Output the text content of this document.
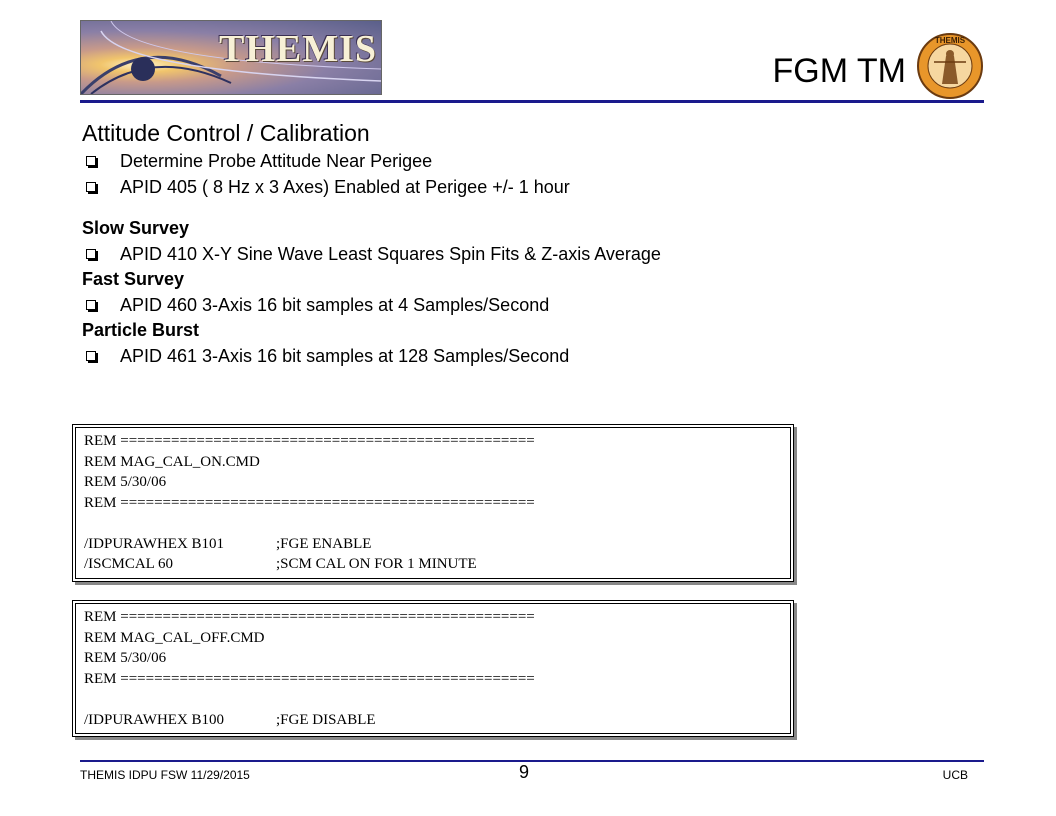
THEMIS
FGM TM
THEMIS
Attitude Control / Calibration
Determine Probe Attitude Near Perigee
APID 405 ( 8 Hz x 3 Axes) Enabled at Perigee +/- 1 hour
Slow Survey
APID 410 X-Y Sine Wave Least Squares Spin Fits & Z-axis Average
Fast Survey
APID 460 3-Axis 16 bit samples at 4 Samples/Second
Particle Burst
APID 461 3-Axis 16 bit samples at 128 Samples/Second
REM =================================================
REM MAG_CAL_ON.CMD
REM 5/30/06
REM =================================================

/IDPURAWHEX B101	;FGE ENABLE
/ISCMCAL 60	;SCM CAL ON FOR 1 MINUTE
REM =================================================
REM MAG_CAL_OFF.CMD
REM 5/30/06
REM =================================================

/IDPURAWHEX B100	;FGE DISABLE
THEMIS IDPU FSW 11/29/2015	9	UCB
